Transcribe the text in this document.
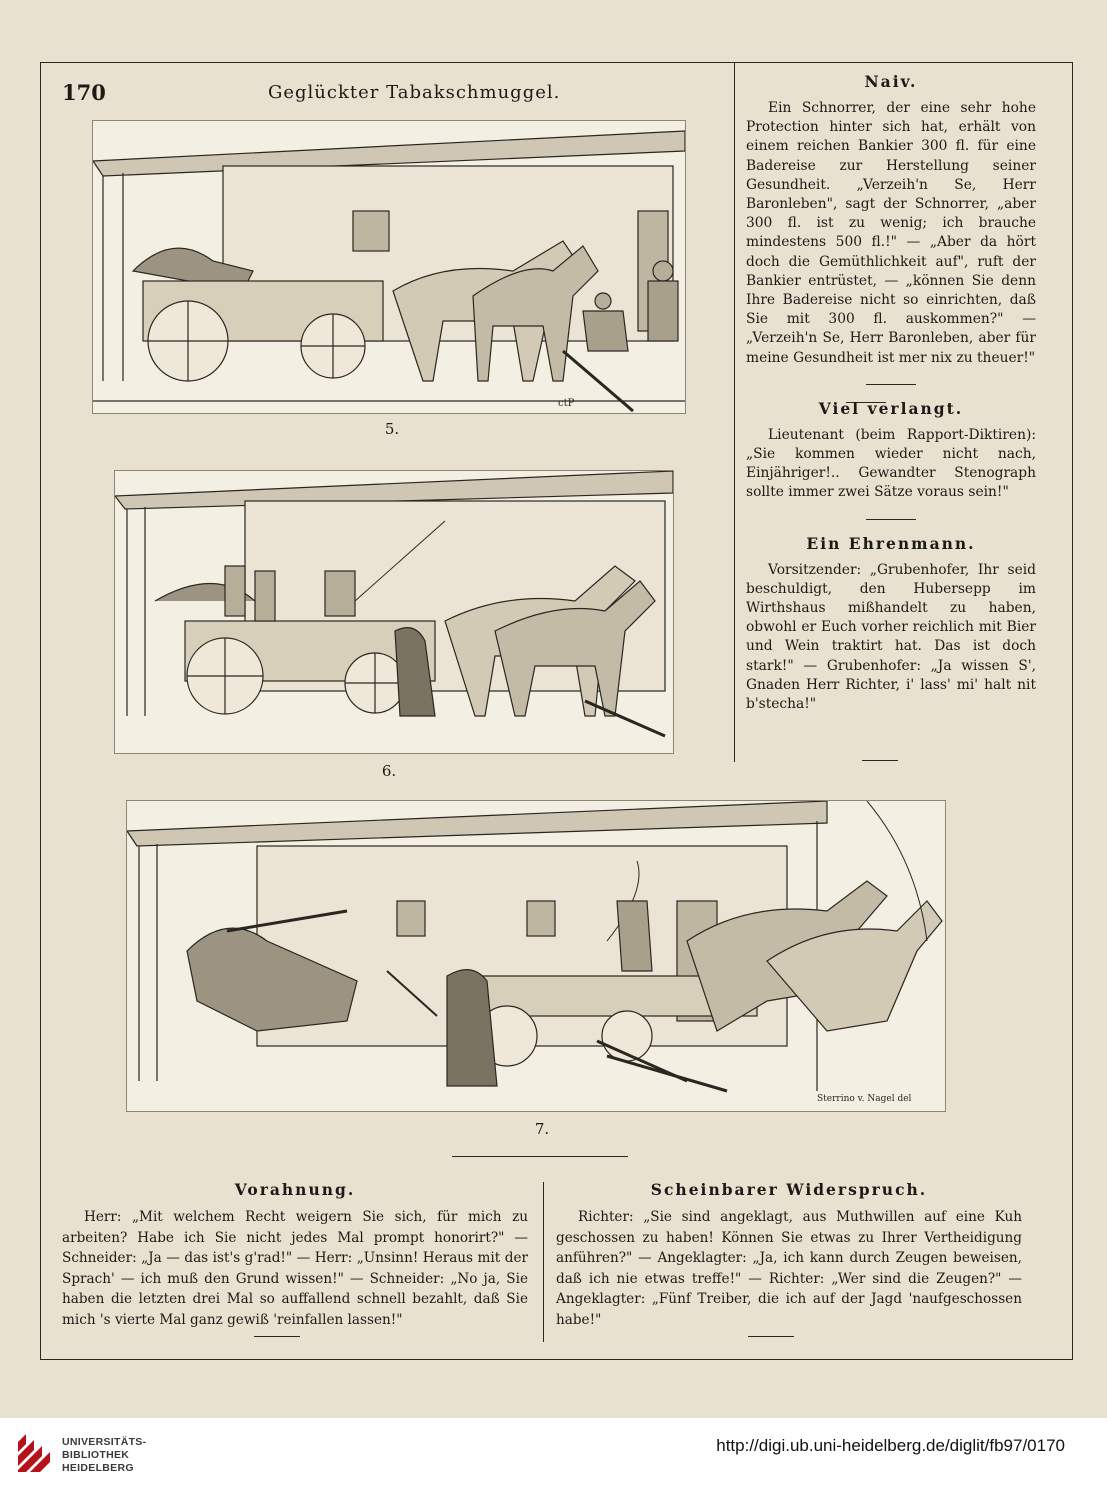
170	Geglückter Tabakschmuggel.
ctP
5.
6.
Sterrino v. Nagel del
7.
Naiv.

Ein Schnorrer, der eine sehr hohe Protection hinter sich hat, erhält von einem reichen Bankier 300 fl. für eine Badereise zur Herstellung seiner Gesundheit. „Verzeih'n Se, Herr Baronleben", sagt der Schnorrer, „aber 300 fl. ist zu wenig; ich brauche mindestens 500 fl.!" — „Aber da hört doch die Gemüthlichkeit auf", ruft der Bankier entrüstet, — „können Sie denn Ihre Badereise nicht so einrichten, daß Sie mit 300 fl. auskommen?" — „Verzeih'n Se, Herr Baronleben, aber für meine Gesundheit ist mer nix zu theuer!"

Viel verlangt.

Lieutenant (beim Rapport-Diktiren): „Sie kommen wieder nicht nach, Einjähriger!.. Gewandter Stenograph sollte immer zwei Sätze voraus sein!"

Ein Ehrenmann.

Vorsitzender: „Grubenhofer, Ihr seid beschuldigt, den Hubersepp im Wirthshaus mißhandelt zu haben, obwohl er Euch vorher reichlich mit Bier und Wein traktirt hat. Das ist doch stark!" — Grubenhofer: „Ja wissen S', Gnaden Herr Richter, i' lass' mi' halt nit b'stecha!"

Vorahnung.

Herr: „Mit welchem Recht weigern Sie sich, für mich zu arbeiten? Habe ich Sie nicht jedes Mal prompt honorirt?" — Schneider: „Ja — das ist's g'rad!" — Herr: „Unsinn! Heraus mit der Sprach' — ich muß den Grund wissen!" — Schneider: „No ja, Sie haben die letzten drei Mal so auffallend schnell bezahlt, daß Sie mich 's vierte Mal ganz gewiß 'reinfallen lassen!"

Scheinbarer Widerspruch.

Richter: „Sie sind angeklagt, aus Muthwillen auf eine Kuh geschossen zu haben! Können Sie etwas zu Ihrer Vertheidigung anführen?" — Angeklagter: „Ja, ich kann durch Zeugen beweisen, daß ich nie etwas treffe!" — Richter: „Wer sind die Zeugen?" — Angeklagter: „Fünf Treiber, die ich auf der Jagd 'naufgeschossen habe!"

UNIVERSITÄTS-
BIBLIOTHEK
HEIDELBERG
http://digi.ub.uni-heidelberg.de/diglit/fb97/0170
